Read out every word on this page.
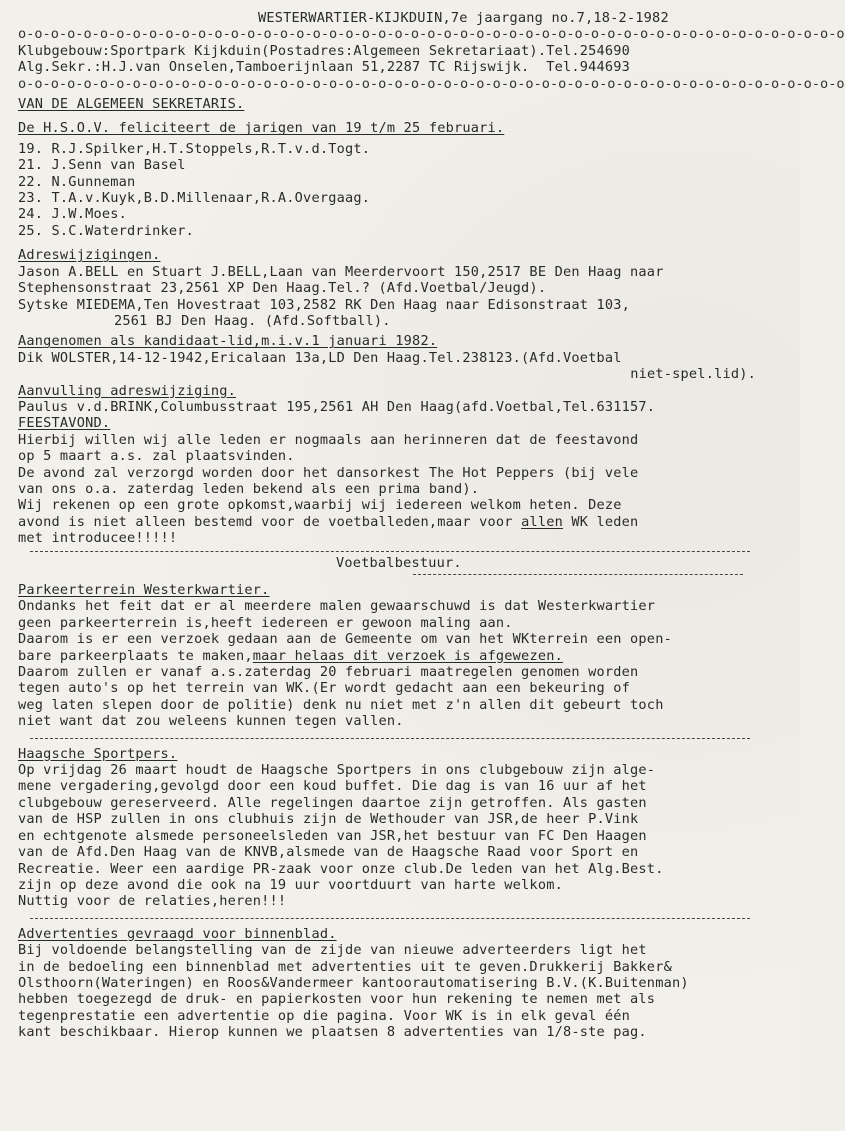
WESTERWARTIER-KIJKDUIN,7e jaargang no.7,18-2-1982
o-o-o-o-o-o-o-o-o-o-o-o-o-o-o-o-o-o-o-o-o-o-o-o-o-o-o-o-o-o-o-o-o-o-o-o-o-o-o-o-o-o-o-o-o-o-o-o-o-o-o
Klubgebouw:Sportpark Kijkduin(Postadres:Algemeen Sekretariaat).Tel.254690
Alg.Sekr.:H.J.van Onselen,Tamboerijnlaan 51,2287 TC Rijswijk.  Tel.944693
o-o-o-o-o-o-o-o-o-o-o-o-o-o-o-o-o-o-o-o-o-o-o-o-o-o-o-o-o-o-o-o-o-o-o-o-o-o-o-o-o-o-o-o-o-o-o-o-o-o-o
VAN DE ALGEMEEN SEKRETARIS.
De H.S.O.V. feliciteert de jarigen van 19 t/m 25 februari.
19. R.J.Spilker,H.T.Stoppels,R.T.v.d.Togt.
21. J.Senn van Basel
22. N.Gunneman
23. T.A.v.Kuyk,B.D.Millenaar,R.A.Overgaag.
24. J.W.Moes.
25. S.C.Waterdrinker.
Adreswijzigingen.
Jason A.BELL en Stuart J.BELL,Laan van Meerdervoort 150,2517 BE Den Haag naar
Stephensonstraat 23,2561 XP Den Haag.Tel.? (Afd.Voetbal/Jeugd).
Sytske MIEDEMA,Ten Hovestraat 103,2582 RK Den Haag naar Edisonstraat 103,
2561 BJ Den Haag. (Afd.Softball).
Aangenomen als kandidaat-lid,m.i.v.1 januari 1982.
Dik WOLSTER,14-12-1942,Ericalaan 13a,LD Den Haag.Tel.238123.(Afd.Voetbal
niet-spel.lid).
Aanvulling adreswijziging.
Paulus v.d.BRINK,Columbusstraat 195,2561 AH Den Haag(afd.Voetbal,Tel.631157.
FEESTAVOND.
Hierbij willen wij alle leden er nogmaals aan herinneren dat de feestavond
op 5 maart a.s. zal plaatsvinden.
De avond zal verzorgd worden door het dansorkest The Hot Peppers (bij vele
van ons o.a. zaterdag leden bekend als een prima band).
Wij rekenen op een grote opkomst,waarbij wij iedereen welkom heten. Deze
avond is niet alleen bestemd voor de voetballeden,maar voor allen WK leden
met introducee!!!!!
Voetbalbestuur.
Parkeerterrein Westerkwartier.
Ondanks het feit dat er al meerdere malen gewaarschuwd is dat Westerkwartier
geen parkeerterrein is,heeft iedereen er gewoon maling aan.
Daarom is er een verzoek gedaan aan de Gemeente om van het WKterrein een open-
bare parkeerplaats te maken,maar helaas dit verzoek is afgewezen.
Daarom zullen er vanaf a.s.zaterdag 20 februari maatregelen genomen worden
tegen auto's op het terrein van WK.(Er wordt gedacht aan een bekeuring of
weg laten slepen door de politie) denk nu niet met z'n allen dit gebeurt toch
niet want dat zou weleens kunnen tegen vallen.
Haagsche Sportpers.
Op vrijdag 26 maart houdt de Haagsche Sportpers in ons clubgebouw zijn alge-
mene vergadering,gevolgd door een koud buffet. Die dag is van 16 uur af het
clubgebouw gereserveerd. Alle regelingen daartoe zijn getroffen. Als gasten
van de HSP zullen in ons clubhuis zijn de Wethouder van JSR,de heer P.Vink
en echtgenote alsmede personeelsleden van JSR,het bestuur van FC Den Haagen
van de Afd.Den Haag van de KNVB,alsmede van de Haagsche Raad voor Sport en
Recreatie. Weer een aardige PR-zaak voor onze club.De leden van het Alg.Best.
zijn op deze avond die ook na 19 uur voortduurt van harte welkom.
Nuttig voor de relaties,heren!!!
Advertenties gevraagd voor binnenblad.
Bij voldoende belangstelling van de zijde van nieuwe adverteerders ligt het
in de bedoeling een binnenblad met advertenties uit te geven.Drukkerij Bakker&
Olsthoorn(Wateringen) en Roos&Vandermeer kantoorautomatisering B.V.(K.Buitenman)
hebben toegezegd de druk- en papierkosten voor hun rekening te nemen met als
tegenprestatie een advertentie op die pagina. Voor WK is in elk geval één
kant beschikbaar. Hierop kunnen we plaatsen 8 advertenties van 1/8-ste pag.
